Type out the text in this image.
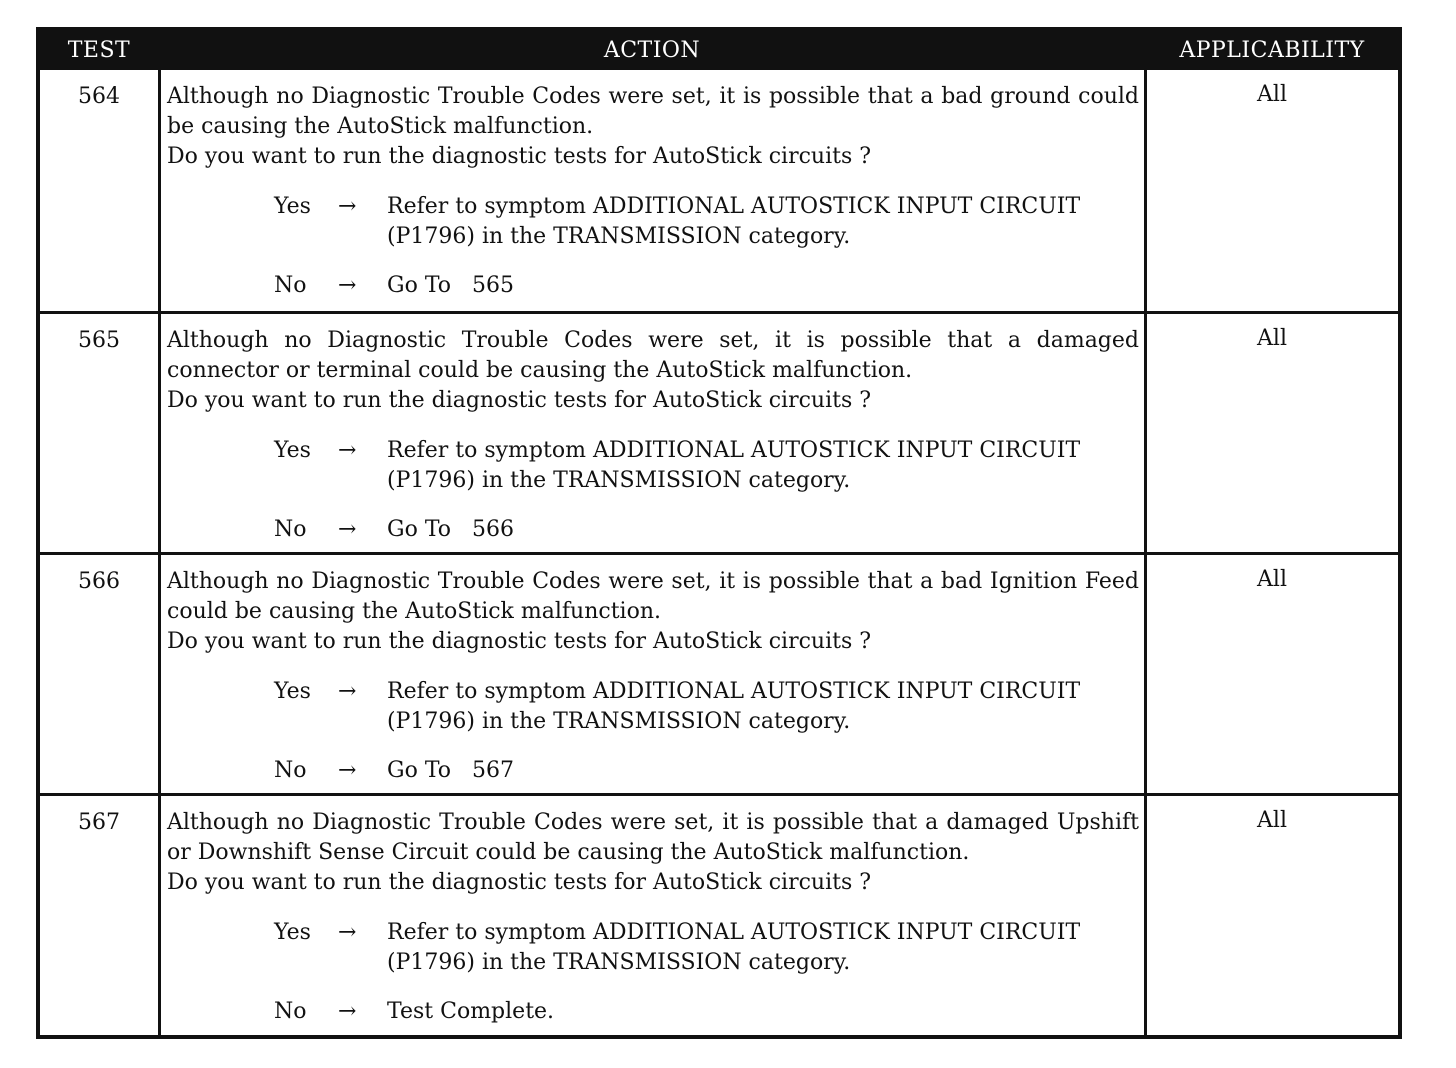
TEST	ACTION	APPLICABILITY
564	Although no Diagnostic Trouble Codes were set, it is possible that a bad ground could be causing the AutoStick malfunction.
Do you want to run the diagnostic tests for AutoStick circuits ?
Yes	→	Refer to symptom ADDITIONAL AUTOSTICK INPUT CIRCUIT (P1796) in the TRANSMISSION category.
No	→	Go To   565
All
565	Although no Diagnostic Trouble Codes were set, it is possible that a damaged connector or terminal could be causing the AutoStick malfunction.
Do you want to run the diagnostic tests for AutoStick circuits ?
Yes	→	Refer to symptom ADDITIONAL AUTOSTICK INPUT CIRCUIT (P1796) in the TRANSMISSION category.
No	→	Go To   566
All
566	Although no Diagnostic Trouble Codes were set, it is possible that a bad Ignition Feed could be causing the AutoStick malfunction.
Do you want to run the diagnostic tests for AutoStick circuits ?
Yes	→	Refer to symptom ADDITIONAL AUTOSTICK INPUT CIRCUIT (P1796) in the TRANSMISSION category.
No	→	Go To   567
All
567	Although no Diagnostic Trouble Codes were set, it is possible that a damaged Upshift or Downshift Sense Circuit could be causing the AutoStick malfunction.
Do you want to run the diagnostic tests for AutoStick circuits ?
Yes	→	Refer to symptom ADDITIONAL AUTOSTICK INPUT CIRCUIT (P1796) in the TRANSMISSION category.
No	→	Test Complete.
All
